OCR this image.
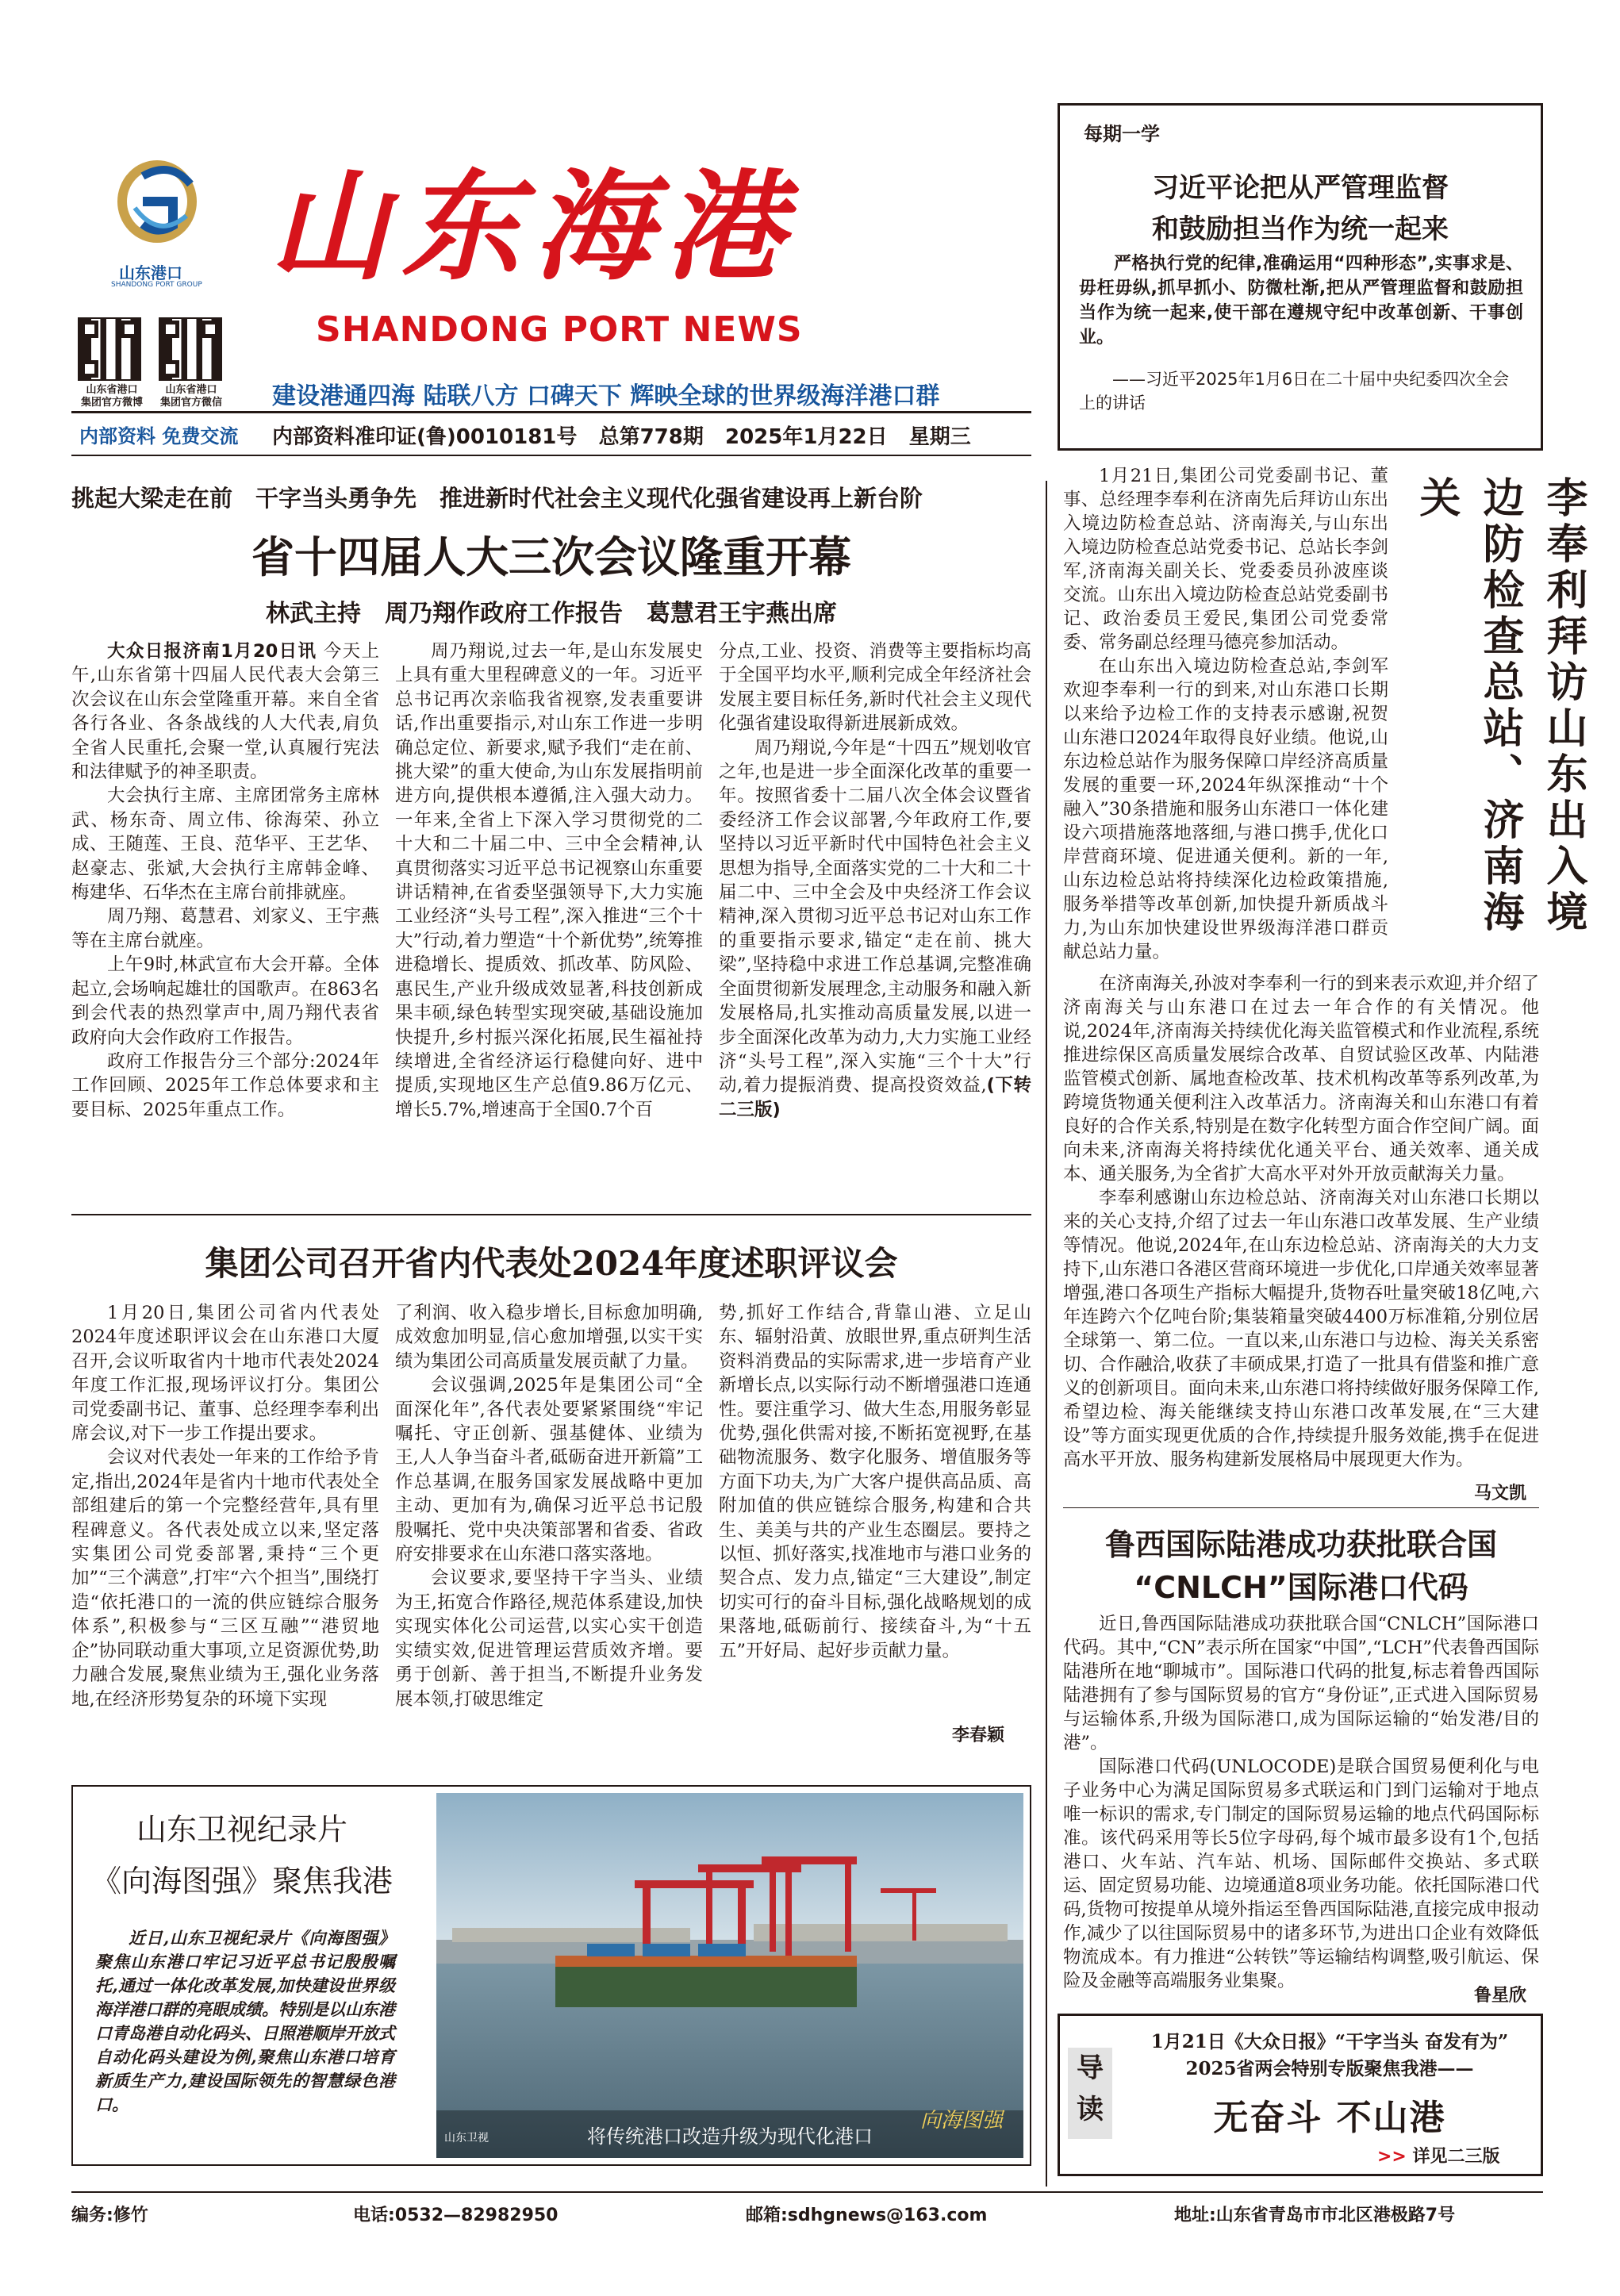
山东港口
SHANDONG PORT GROUP 山东海港
SHANDONG PORT NEWS
山东省港口
集团官方微博
山东省港口
集团官方微信 建设港通四海 陆联八方 口碑天下 辉映全球的世界级海洋港口群
内部资料 免费交流 内部资料准印证(鲁)0010181号 总第778期 2025年1月22日 星期三
每期一学
习近平论把从严管理监督
和鼓励担当作为统一起来
严格执行党的纪律,准确运用“四种形态”,实事求是、毋枉毋纵,抓早抓小、防微杜渐,把从严管理监督和鼓励担当作为统一起来,使干部在遵规守纪中改革创新、干事创业。
——习近平2025年1月6日在二十届中央纪委四次全会上的讲话
挑起大梁走在前　干字当头勇争先　推进新时代社会主义现代化强省建设再上新台阶
省十四届人大三次会议隆重开幕
林武主持　周乃翔作政府工作报告　葛慧君王宇燕出席

大众日报济南1月20日讯 今天上午,山东省第十四届人民代表大会第三次会议在山东会堂隆重开幕。来自全省各行各业、各条战线的人大代表,肩负全省人民重托,会聚一堂,认真履行宪法和法律赋予的神圣职责。

大会执行主席、主席团常务主席林武、杨东奇、周立伟、徐海荣、孙立成、王随莲、王良、范华平、王艺华、赵豪志、张斌,大会执行主席韩金峰、梅建华、石华杰在主席台前排就座。

周乃翔、葛慧君、刘家义、王宇燕等在主席台就座。

上午9时,林武宣布大会开幕。全体起立,会场响起雄壮的国歌声。在863名到会代表的热烈掌声中,周乃翔代表省政府向大会作政府工作报告。

政府工作报告分三个部分:2024年工作回顾、2025年工作总体要求和主要目标、2025年重点工作。

周乃翔说,过去一年,是山东发展史上具有重大里程碑意义的一年。习近平总书记再次亲临我省视察,发表重要讲话,作出重要指示,对山东工作进一步明确总定位、新要求,赋予我们“走在前、挑大梁”的重大使命,为山东发展指明前进方向,提供根本遵循,注入强大动力。一年来,全省上下深入学习贯彻党的二十大和二十届二中、三中全会精神,认真贯彻落实习近平总书记视察山东重要讲话精神,在省委坚强领导下,大力实施工业经济“头号工程”,深入推进“三个十大”行动,着力塑造“十个新优势”,统筹推进稳增长、提质效、抓改革、防风险、惠民生,产业升级成效显著,科技创新成果丰硕,绿色转型实现突破,基础设施加快提升,乡村振兴深化拓展,民生福祉持续增进,全省经济运行稳健向好、进中提质,实现地区生产总值9.86万亿元、增长5.7%,增速高于全国0.7个百

分点,工业、投资、消费等主要指标均高于全国平均水平,顺利完成全年经济社会发展主要目标任务,新时代社会主义现代化强省建设取得新进展新成效。

周乃翔说,今年是“十四五”规划收官之年,也是进一步全面深化改革的重要一年。按照省委十二届八次全体会议暨省委经济工作会议部署,今年政府工作,要坚持以习近平新时代中国特色社会主义思想为指导,全面落实党的二十大和二十届二中、三中全会及中央经济工作会议精神,深入贯彻习近平总书记对山东工作的重要指示要求,锚定“走在前、挑大梁”,坚持稳中求进工作总基调,完整准确全面贯彻新发展理念,主动服务和融入新发展格局,扎实推动高质量发展,以进一步全面深化改革为动力,大力实施工业经济“头号工程”,深入实施“三个十大”行动,着力提振消费、提高投资效益,(下转二三版)

集团公司召开省内代表处2024年度述职评议会

1月20日,集团公司省内代表处2024年度述职评议会在山东港口大厦召开,会议听取省内十地市代表处2024年度工作汇报,现场评议打分。集团公司党委副书记、董事、总经理李奉利出席会议,对下一步工作提出要求。

会议对代表处一年来的工作给予肯定,指出,2024年是省内十地市代表处全部组建后的第一个完整经营年,具有里程碑意义。各代表处成立以来,坚定落实集团公司党委部署,秉持“三个更加”“三个满意”,打牢“六个担当”,围绕打造“依托港口的一流的供应链综合服务体系”,积极参与“三区互融”“港贸地企”协同联动重大事项,立足资源优势,助力融合发展,聚焦业绩为王,强化业务落地,在经济形势复杂的环境下实现

了利润、收入稳步增长,目标愈加明确,成效愈加明显,信心愈加增强,以实干实绩为集团公司高质量发展贡献了力量。

会议强调,2025年是集团公司“全面深化年”,各代表处要紧紧围绕“牢记嘱托、守正创新、强基健体、业绩为王,人人争当奋斗者,砥砺奋进开新篇”工作总基调,在服务国家发展战略中更加主动、更加有为,确保习近平总书记殷殷嘱托、党中央决策部署和省委、省政府安排要求在山东港口落实落地。

会议要求,要坚持干字当头、业绩为王,拓宽合作路径,规范体系建设,加快实现实体化公司运营,以实心实干创造实绩实效,促进管理运营质效齐增。要勇于创新、善于担当,不断提升业务发展本领,打破思维定

势,抓好工作结合,背靠山港、立足山东、辐射沿黄、放眼世界,重点研判生活资料消费品的实际需求,进一步培育产业新增长点,以实际行动不断增强港口连通性。要注重学习、做大生态,用服务彰显优势,强化供需对接,不断拓宽视野,在基础物流服务、数字化服务、增值服务等方面下功夫,为广大客户提供高品质、高附加值的供应链综合服务,构建和合共生、美美与共的产业生态圈层。要持之以恒、抓好落实,找准地市与港口业务的契合点、发力点,锚定“三大建设”,制定切实可行的奋斗目标,强化战略规划的成果落地,砥砺前行、接续奋斗,为“十五五”开好局、起好步贡献力量。

李春颖
山东卫视纪录片
《向海图强》聚焦我港
近日,山东卫视纪录片《向海图强》聚焦山东港口牢记习近平总书记殷殷嘱托,通过一体化改革发展,加快建设世界级海洋港口群的亮眼成绩。特别是以山东港口青岛港自动化码头、日照港顺岸开放式自动化码头建设为例,聚焦山东港口培育新质生产力,建设国际领先的智慧绿色港口。
将传统港口改造升级为现代化港口
向海图强
山东卫视

1月21日,集团公司党委副书记、董事、总经理李奉利在济南先后拜访山东出入境边防检查总站、济南海关,与山东出入境边防检查总站党委书记、总站长李剑军,济南海关副关长、党委委员孙波座谈交流。山东出入境边防检查总站党委副书记、政治委员王爱民,集团公司党委常委、常务副总经理马德亮参加活动。

在山东出入境边防检查总站,李剑军欢迎李奉利一行的到来,对山东港口长期以来给予边检工作的支持表示感谢,祝贺山东港口2024年取得良好业绩。他说,山东边检总站作为服务保障口岸经济高质量发展的重要一环,2024年纵深推动“十个融入”30条措施和服务山东港口一体化建设六项措施落地落细,与港口携手,优化口岸营商环境、促进通关便利。新的一年,山东边检总站将持续深化边检政策措施,服务举措等改革创新,加快提升新质战斗力,为山东加快建设世界级海洋港口群贡献总站力量。

李奉利拜访山东出入境边防检查总站、济南海关

在济南海关,孙波对李奉利一行的到来表示欢迎,并介绍了济南海关与山东港口在过去一年合作的有关情况。他说,2024年,济南海关持续优化海关监管模式和作业流程,系统推进综保区高质量发展综合改革、自贸试验区改革、内陆港监管模式创新、属地查检改革、技术机构改革等系列改革,为跨境货物通关便利注入改革活力。济南海关和山东港口有着良好的合作关系,特别是在数字化转型方面合作空间广阔。面向未来,济南海关将持续优化通关平台、通关效率、通关成本、通关服务,为全省扩大高水平对外开放贡献海关力量。

李奉利感谢山东边检总站、济南海关对山东港口长期以来的关心支持,介绍了过去一年山东港口改革发展、生产业绩等情况。他说,2024年,在山东边检总站、济南海关的大力支持下,山东港口各港区营商环境进一步优化,口岸通关效率显著增强,港口各项生产指标大幅提升,货物吞吐量突破18亿吨,六年连跨六个亿吨台阶;集装箱量突破4400万标准箱,分别位居全球第一、第二位。一直以来,山东港口与边检、海关关系密切、合作融洽,收获了丰硕成果,打造了一批具有借鉴和推广意义的创新项目。面向未来,山东港口将持续做好服务保障工作,希望边检、海关能继续支持山东港口改革发展,在“三大建设”等方面实现更优质的合作,持续提升服务效能,携手在促进高水平开放、服务构建新发展格局中展现更大作为。

马文凯
鲁西国际陆港成功获批联合国
“CNLCH”国际港口代码

近日,鲁西国际陆港成功获批联合国“CNLCH”国际港口代码。其中,“CN”表示所在国家“中国”,“LCH”代表鲁西国际陆港所在地“聊城市”。国际港口代码的批复,标志着鲁西国际陆港拥有了参与国际贸易的官方“身份证”,正式进入国际贸易与运输体系,升级为国际港口,成为国际运输的“始发港/目的港”。

国际港口代码(UNLOCODE)是联合国贸易便利化与电子业务中心为满足国际贸易多式联运和门到门运输对于地点唯一标识的需求,专门制定的国际贸易运输的地点代码国际标准。该代码采用等长5位字母码,每个城市最多设有1个,包括港口、火车站、汽车站、机场、国际邮件交换站、多式联运、固定贸易功能、边境通道8项业务功能。依托国际港口代码,货物可按提单从境外指运至鲁西国际陆港,直接完成申报动作,减少了以往国际贸易中的诸多环节,为进出口企业有效降低物流成本。有力推进“公转铁”等运输结构调整,吸引航运、保险及金融等高端服务业集聚。

鲁星欣
导
读
1月21日《大众日报》“干字当头 奋发有为”
2025省两会特别专版聚焦我港——
无奋斗 不山港
>> 详见二三版
编务:修竹	电话:0532—82982950	邮箱:sdhgnews@163.com	地址:山东省青岛市市北区港极路7号
